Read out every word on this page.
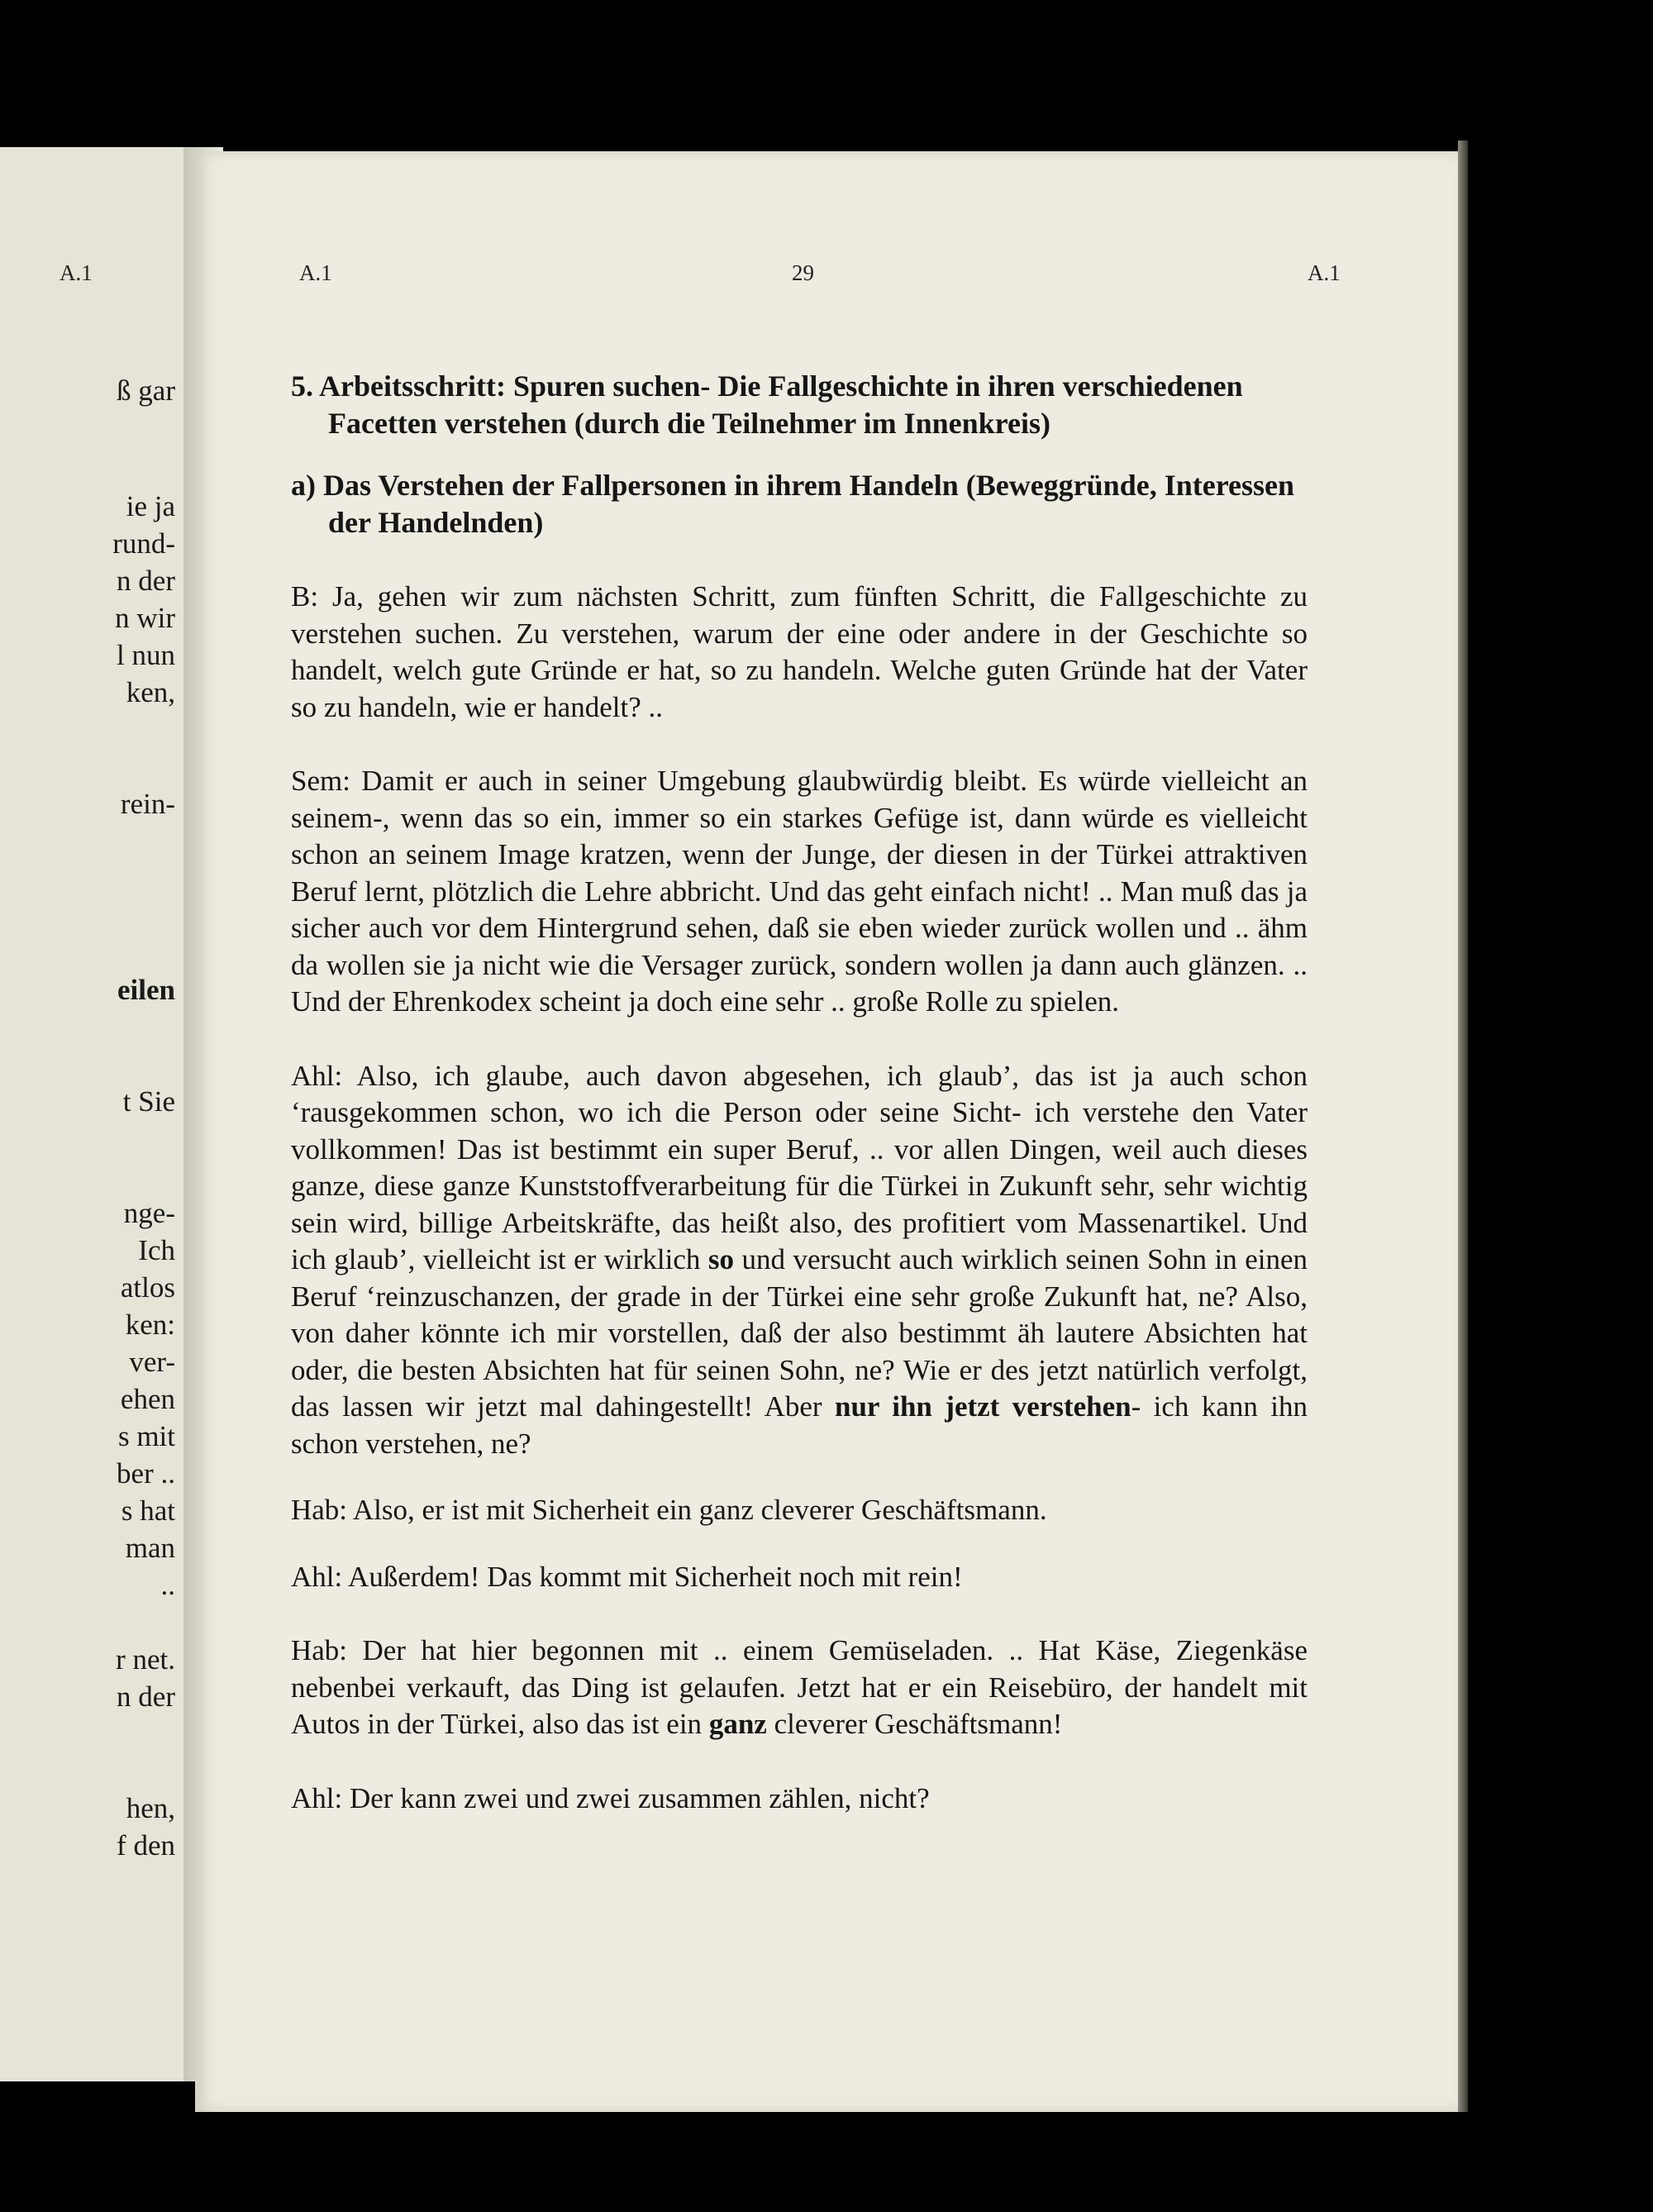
A.1
ß gar
ie ja
rund-
n der
n wir
l nun
ken,
rein-
eilen
t Sie
nge-
Ich
atlos
ken:
ver-
ehen
s mit
ber ..
s hat
man
..
r net.
n der
hen,
f den
A.1	29	A.1

5. Arbeitsschritt: Spuren suchen- Die Fallgeschichte in ihren verschiedenen Facetten verstehen (durch die Teilnehmer im Innenkreis)

a) Das Verstehen der Fallpersonen in ihrem Handeln (Beweggründe, Interessen der Handelnden)

B: Ja, gehen wir zum nächsten Schritt, zum fünften Schritt, die Fallgeschichte zu verstehen suchen. Zu verstehen, warum der eine oder andere in der Geschichte so handelt, welch gute Gründe er hat, so zu handeln. Welche guten Gründe hat der Vater so zu handeln, wie er handelt? ..

Sem: Damit er auch in seiner Umgebung glaubwürdig bleibt. Es würde vielleicht an seinem-, wenn das so ein, immer so ein starkes Gefüge ist, dann würde es vielleicht schon an seinem Image kratzen, wenn der Junge, der diesen in der Türkei attraktiven Beruf lernt, plötzlich die Lehre abbricht. Und das geht einfach nicht! .. Man muß das ja sicher auch vor dem Hintergrund sehen, daß sie eben wieder zurück wollen und .. ähm da wollen sie ja nicht wie die Versager zurück, sondern wollen ja dann auch glänzen. .. Und der Ehrenkodex scheint ja doch eine sehr .. große Rolle zu spielen.

Ahl: Also, ich glaube, auch davon abgesehen, ich glaub’, das ist ja auch schon ‘rausgekommen schon, wo ich die Person oder seine Sicht- ich verstehe den Vater vollkommen! Das ist bestimmt ein super Beruf, .. vor allen Dingen, weil auch dieses ganze, diese ganze Kunststoffverarbeitung für die Türkei in Zukunft sehr, sehr wichtig sein wird, billige Arbeitskräfte, das heißt also, des profitiert vom Massenartikel. Und ich glaub’, vielleicht ist er wirklich so und versucht auch wirklich seinen Sohn in einen Beruf ‘reinzuschanzen, der grade in der Türkei eine sehr große Zukunft hat, ne? Also, von daher könnte ich mir vorstellen, daß der also bestimmt äh lautere Absichten hat oder, die besten Absichten hat für seinen Sohn, ne? Wie er des jetzt natürlich verfolgt, das lassen wir jetzt mal dahingestellt! Aber nur ihn jetzt verstehen- ich kann ihn schon verstehen, ne?

Hab: Also, er ist mit Sicherheit ein ganz cleverer Geschäftsmann.

Ahl: Außerdem! Das kommt mit Sicherheit noch mit rein!

Hab: Der hat hier begonnen mit .. einem Gemüseladen. .. Hat Käse, Ziegenkäse nebenbei verkauft, das Ding ist gelaufen. Jetzt hat er ein Reisebüro, der handelt mit Autos in der Türkei, also das ist ein ganz cleverer Geschäftsmann!

Ahl: Der kann zwei und zwei zusammen zählen, nicht?
